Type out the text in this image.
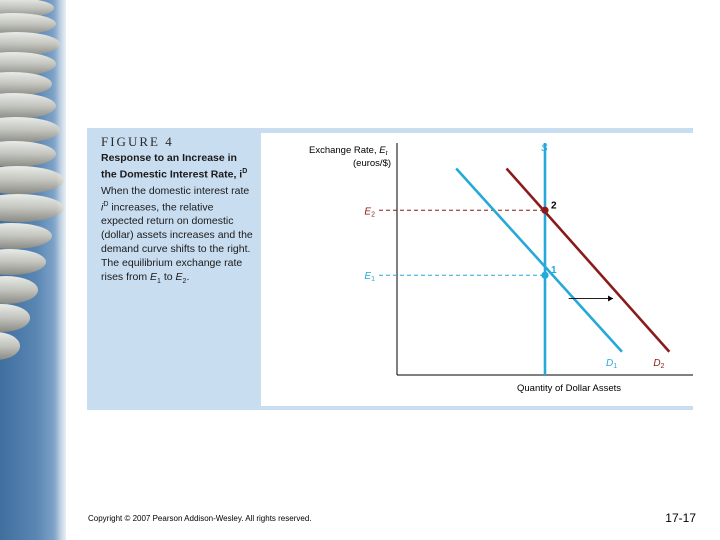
FIGURE 4
Response to an Increase in the Domestic Interest Rate, $i^D$
When the domestic interest rate $i^D$ increases, the relative expected return on domestic (dollar) assets increases and the demand curve shifts to the right. The equilibrium exchange rate rises from $E_1$ to $E_2$.
Exchange Rate, $E_t$
(euros/$)
Quantity of Dollar Assets
$E_2$
$E_1$
S
$D_1$	$D_2$
1
2
Copyright © 2007 Pearson Addison-Wesley. All rights reserved.	17-17
